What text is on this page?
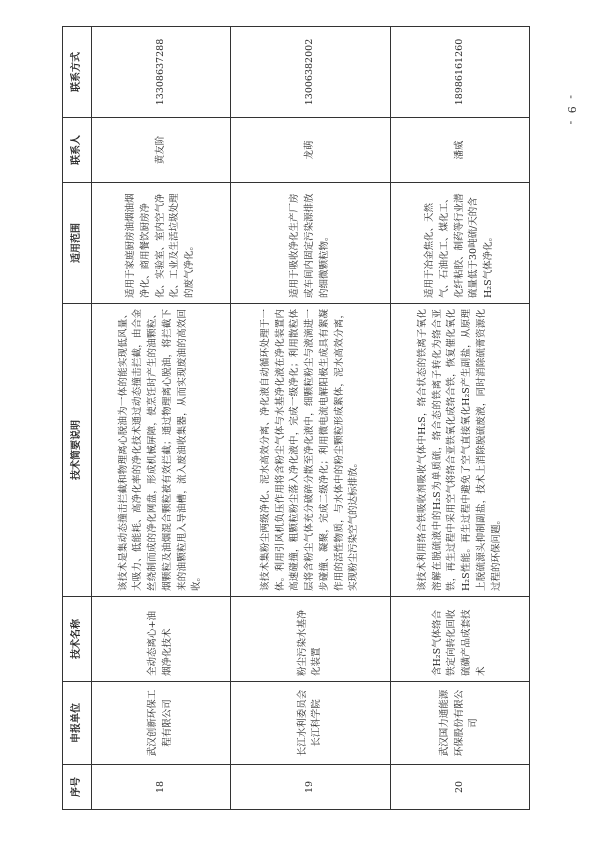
- 9 -
序号	申报单位	技术名称	技术简要说明	适用范围	联系人	联系方式
18	武汉创新环保工程有限公司	全动态离心+油烟净化技术	该技术是集动态撞击拦截和物理离心脱油为一体的能实现低风量、大吸力、低能耗、高净化率的净化技术通过动态撞击拦截，由合金丝绕制而成的净化网盘，形成机械屏障，使烹饪时产生的油颗粒、烟颗粒及油烟混合颗粒被有效拦截；通过物理离心脱油，将拦截下来的油颗粒甩入导油槽，流入废油收集器，从而实现废油的高效回收。	适用于家庭厨房油烟油烟净化、商用餐饮厨房净化、实验室、室内空气净化、工业及生活垃圾处理的废气净化。	黄友阶	13308637288
19	长江水利委员会长江科学院	粉尘污染水基净化装置	该技术集粉尘两级净化、泥水高效分离、净化液自动循环处理于一体。利用引风机负压作用将含粉尘气体与水基净化液在净化装置内高速碰撞，粗颗粒粉尘落入净化液中，完成一级净化；利用散粒体层将含粉尘气体充分破碎分散至净化液中，细颗粒粉尘与液滴进一步碰撞、凝聚，完成二级净化；利用微电流电解阳极生成具有絮凝作用的活性物质，与水体中的粉尘颗粒形成絮体，泥水高效分离，实现粉尘污染空气的达标排放。	适用于吸收净化生产厂房或车间内固定污染源排放的细微颗粒物。	龙萌	13006382002
20	武汉国力通能源环保股份有限公司	含H₂S气体络合铁定向转化回收硫磺产品成套技术	该技术利用络合铁吸收剂吸收气体中H₂S，络合状态的铁离子氧化溶解在脱硫液中的H₂S为单质硫，络合态的铁离子转化为络合亚铁，再生过程中采用空气将络合亚铁氧化成络合铁，恢复催化氧化H₂S性能。再生过程中避免了空气直接氧化H₂S产生副盐，从原理上脱硫源头抑制副盐，技术上消除脱硫废液，同时消除硫膏资源化过程的环保问题。	适用于冶金焦化、天然气、石油化工、煤化工、化纤粘胶、制药等行业潜硫量低于30吨硫/天的含H₂S气体净化。	潘威	18986161260
